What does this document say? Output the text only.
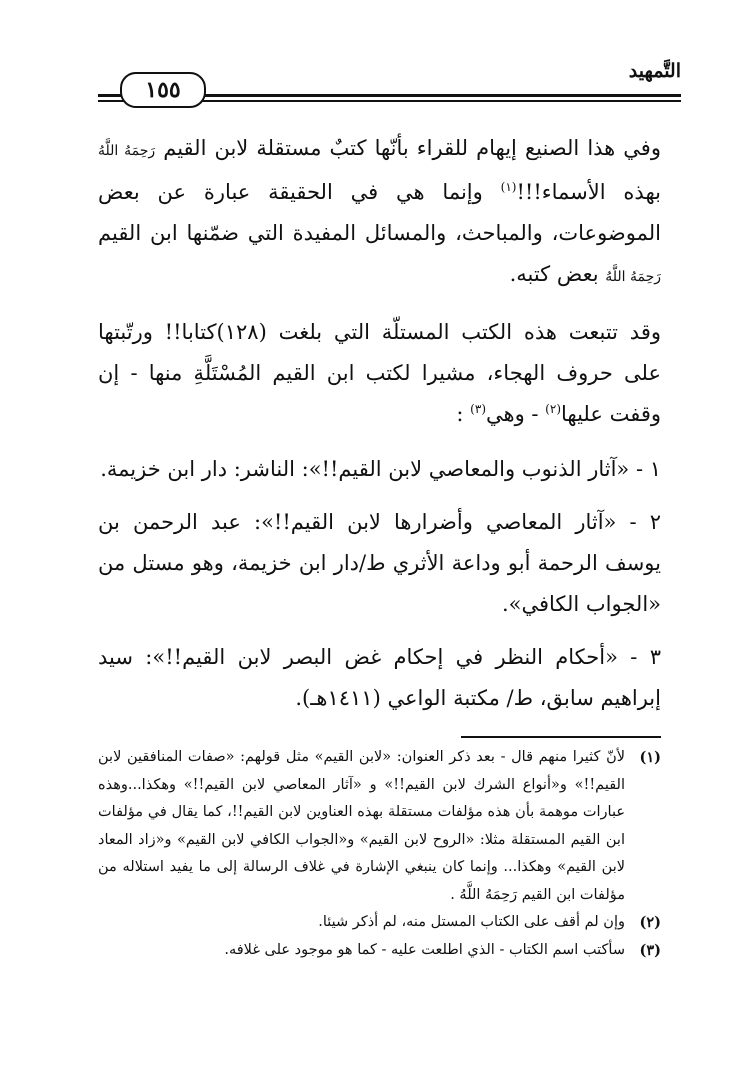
التَّمهيد
١٥٥

وفي هذا الصنيع إيهام للقراء بأنّها كتبٌ مستقلة لابن القيم رَحِمَهُ اللَّهُ بهذه الأسماء!!!$^{(١)}$ وإنما هي في الحقيقة عبارة عن بعض الموضوعات، والمباحث، والمسائل المفيدة التي ضمّنها ابن القيم رَحِمَهُ اللَّهُ بعض كتبه.

وقد تتبعت هذه الكتب المستلّة التي بلغت (١٢٨)كتابا!! ورتّبتها على حروف الهجاء، مشيرا لكتب ابن القيم المُسْتَلَّةِ منها - إن وقفت عليها$^{(٢)}$ - وهي$^{(٣)}$ :

١ - «آثار الذنوب والمعاصي لابن القيم!!»: الناشر: دار ابن خزيمة.

٢ - «آثار المعاصي وأضرارها لابن القيم!!»: عبد الرحمن بن يوسف الرحمة أبو وداعة الأثري ط/دار ابن خزيمة، وهو مستل من «الجواب الكافي».

٣ - «أحكام النظر في إحكام غض البصر لابن القيم!!»: سيد إبراهيم سابق، ط/ مكتبة الواعي (١٤١١هـ).

(١)
لأنّ كثيرا منهم قال - بعد ذكر العنوان: «لابن القيم» مثل قولهم: «صفات المنافقين لابن القيم!!» و«أنواع الشرك لابن القيم!!» و «آثار المعاصي لابن القيم!!» وهكذا...وهذه عبارات موهمة بأن هذه مؤلفات مستقلة بهذه العناوين لابن القيم!!، كما يقال في مؤلفات ابن القيم المستقلة مثلا: «الروح لابن القيم» و«الجواب الكافي لابن القيم» و«زاد المعاد لابن القيم» وهكذا... وإنما كان ينبغي الإشارة في غلاف الرسالة إلى ما يفيد استلاله من مؤلفات ابن القيم رَحِمَهُ اللَّهُ .

(٢)
وإن لم أقف على الكتاب المستل منه، لم أذكر شيئا.

(٣)
سأكتب اسم الكتاب - الذي اطلعت عليه - كما هو موجود على غلافه.
